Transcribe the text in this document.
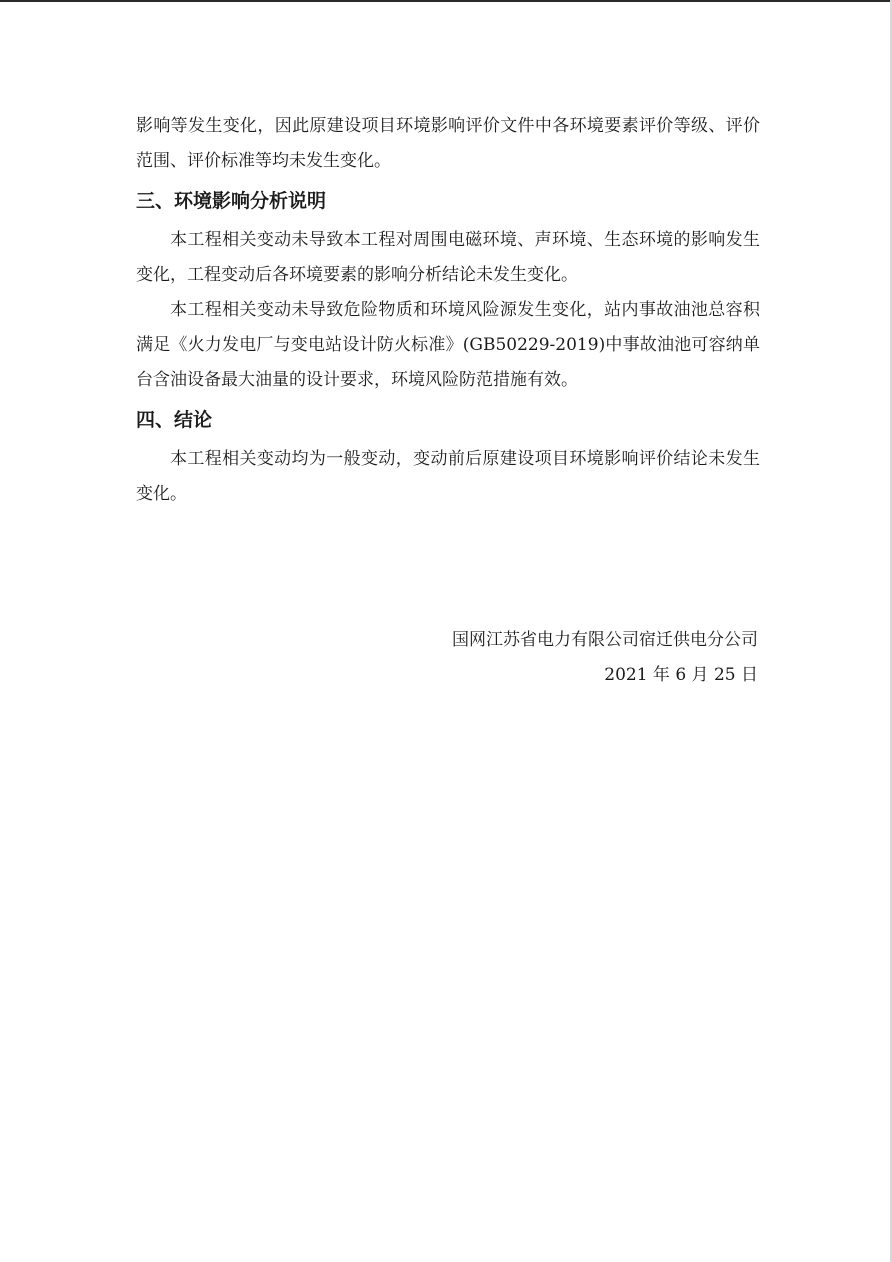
影响等发生变化，因此原建设项目环境影响评价文件中各环境要素评价等级、评价范围、评价标准等均未发生变化。

三、环境影响分析说明

本工程相关变动未导致本工程对周围电磁环境、声环境、生态环境的影响发生变化，工程变动后各环境要素的影响分析结论未发生变化。

本工程相关变动未导致危险物质和环境风险源发生变化，站内事故油池总容积满足《火力发电厂与变电站设计防火标准》(GB50229-2019)中事故油池可容纳单台含油设备最大油量的设计要求，环境风险防范措施有效。

四、结论

本工程相关变动均为一般变动，变动前后原建设项目环境影响评价结论未发生变化。

国网江苏省电力有限公司宿迁供电分公司
2021 年 6 月 25 日
